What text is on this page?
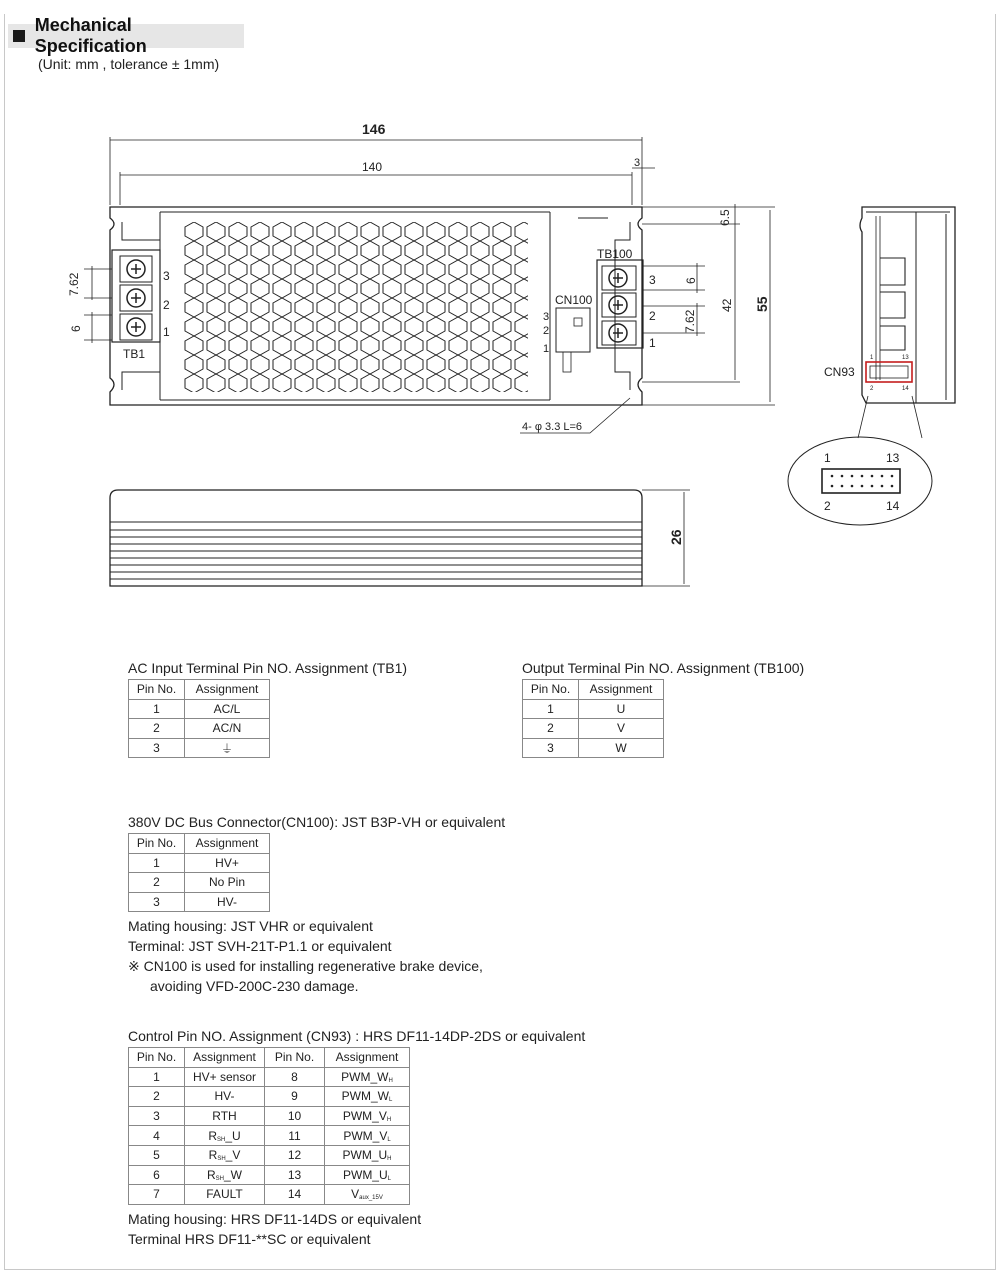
Mechanical Specification
(Unit: mm , tolerance ± 1mm)
3
2
1
TB1
7.62
6
CN100
3
2
1
TB100
3
2
1
6
7.62
6.5
42 55
4- φ 3.3 L=6
146
140	3
1	13
2	14
CN93
1	13
2	14
26
AC Input Terminal Pin NO. Assignment (TB1)
Pin No.	Assignment
1	AC/L
2	AC/N
3	⏚
Output Terminal Pin NO. Assignment (TB100)
Pin No.	Assignment
1	U
2	V
3	W
380V DC Bus Connector(CN100): JST B3P-VH or equivalent
Pin No.	Assignment
1	HV+
2	No Pin
3	HV-
Mating housing: JST VHR or equivalent
Terminal: JST SVH-21T-P1.1 or equivalent
※ CN100 is used for installing regenerative brake device,
avoiding VFD-200C-230 damage.
Control Pin NO. Assignment (CN93) : HRS DF11-14DP-2DS or equivalent
Pin No.	Assignment	Pin No.	Assignment
1	HV+ sensor	8	PWM_WH
2	HV-	9	PWM_WL
3	RTH	10	PWM_VH
4	RSH_U	11	PWM_VL
5	RSH_V	12	PWM_UH
6	RSH_W	13	PWM_UL
7	FAULT	14	Vaux_15V
Mating housing: HRS DF11-14DS or equivalent
Terminal HRS DF11-**SC or equivalent
